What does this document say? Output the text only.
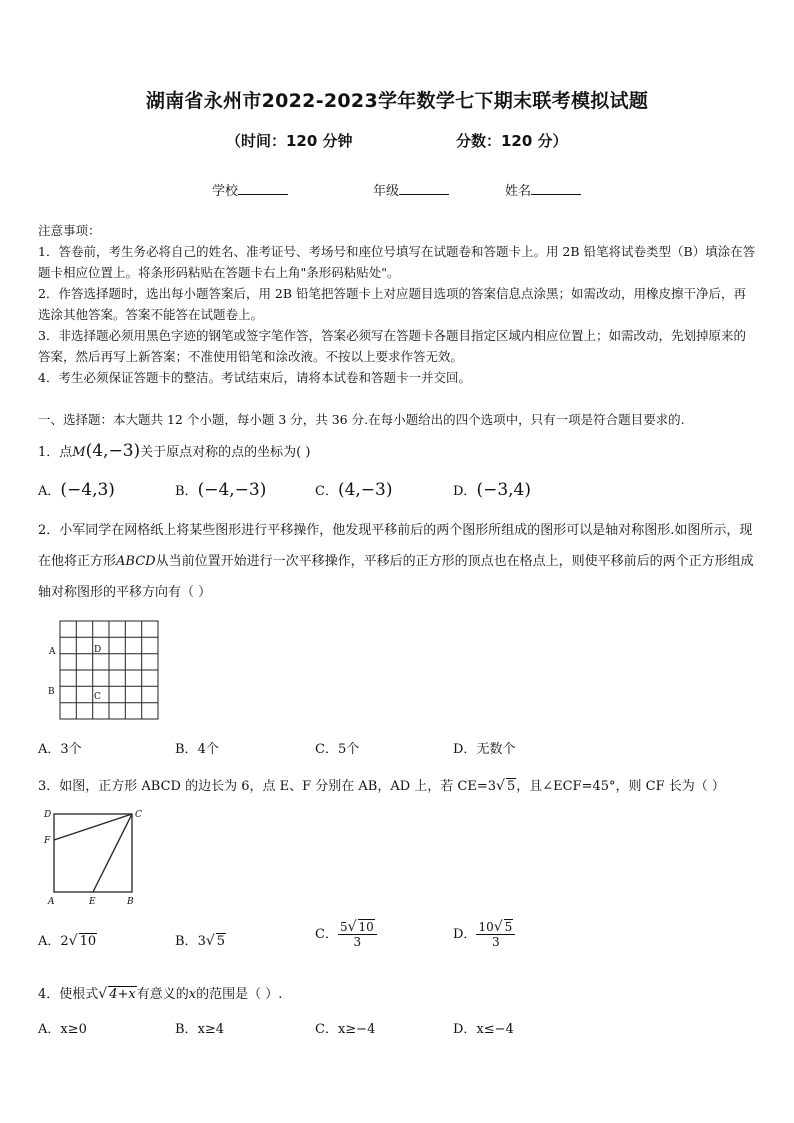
湖南省永州市2022-2023学年数学七下期末联考模拟试题
（时间：120 分钟	分数：120 分）
学校	年级	姓名

注意事项：

1．答卷前，考生务必将自己的姓名、准考证号、考场号和座位号填写在试题卷和答题卡上。用 2B 铅笔将试卷类型（B）填涂在答题卡相应位置上。将条形码粘贴在答题卡右上角"条形码粘贴处"。

2．作答选择题时，选出每小题答案后，用 2B 铅笔把答题卡上对应题目选项的答案信息点涂黑；如需改动，用橡皮擦干净后，再选涂其他答案。答案不能答在试题卷上。

3．非选择题必须用黑色字迹的钢笔或签字笔作答，答案必须写在答题卡各题目指定区域内相应位置上；如需改动，先划掉原来的答案，然后再写上新答案；不准使用铅笔和涂改液。不按以上要求作答无效。

4．考生必须保证答题卡的整洁。考试结束后，请将本试卷和答题卡一并交回。

一、选择题：本大题共 12 个小题，每小题 3 分，共 36 分.在每小题给出的四个选项中，只有一项是符合题目要求的.
1．点M(4,−3)关于原点对称的点的坐标为( )
A．(−4,3)	B．(−4,−3)	C．(4,−3)	D．(−3,4)
2．小军同学在网格纸上将某些图形进行平移操作，他发现平移前后的两个图形所组成的图形可以是轴对称图形.如图所示，现在他将正方形ABCD从当前位置开始进行一次平移操作，平移后的正方形的顶点也在格点上，则使平移前后的两个正方形组成轴对称图形的平移方向有（ ）
A	D
B	C
A．3个	B．4个	C．5个	D．无数个
3．如图，正方形 ABCD 的边长为 6，点 E、F 分别在 AB，AD 上，若 CE=3√ 5，且∠ECF=45°，则 CF 长为（ ）
D	C
F
A	E	B
A．2√ 10	B．3√ 5	C． $\frac{5√ 10}{3}$	D． $\frac{10√ 5}{3}$
4．使根式√ 4+x有意义的x的范围是（ ）.
A．x≥0	B．x≥4	C．x≥−4	D．x≤−4
